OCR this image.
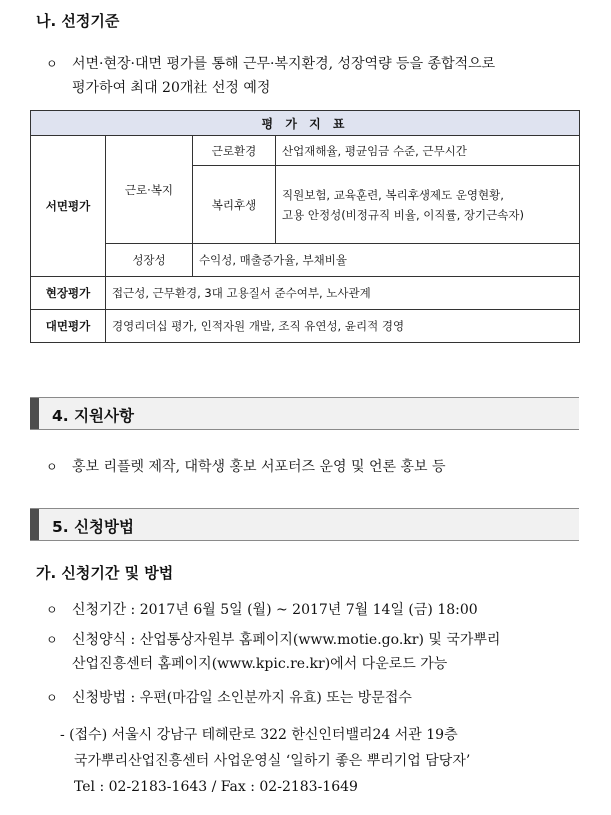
나. 선정기준
ㅇ 서면·현장·대면 평가를 통해 근무·복지환경, 성장역량 등을 종합적으로
평가하여 최대 20개社 선정 예정
평 가 지 표			
서면평가	근로·복지	근로환경	산업재해율, 평균임금 수준, 근무시간
		복리후생	직원보험, 교육훈련, 복리후생제도 운영현황,
고용 안정성(비정규직 비율, 이직률, 장기근속자)

	성장성	수익성, 매출증가율, 부채비율	
현장평가	접근성, 근무환경, 3대 고용질서 준수여부, 노사관계		
대면평가	경영리더십 평가, 인적자원 개발, 조직 유연성, 윤리적 경영		
4. 지원사항
ㅇ 홍보 리플렛 제작, 대학생 홍보 서포터즈 운영 및 언론 홍보 등
5. 신청방법
가. 신청기간 및 방법
ㅇ 신청기간 : 2017년 6월 5일 (월) ~ 2017년 7월 14일 (금) 18:00
ㅇ 신청양식 : 산업통상자원부 홈페이지(www.motie.go.kr) 및 국가뿌리
산업진흥센터 홈페이지(www.kpic.re.kr)에서 다운로드 가능
ㅇ 신청방법 : 우편(마감일 소인분까지 유효) 또는 방문접수
- (접수) 서울시 강남구 테헤란로 322 한신인터밸리24 서관 19층
국가뿌리산업진흥센터 사업운영실 ‘일하기 좋은 뿌리기업 담당자’
Tel : 02-2183-1643 / Fax : 02-2183-1649
